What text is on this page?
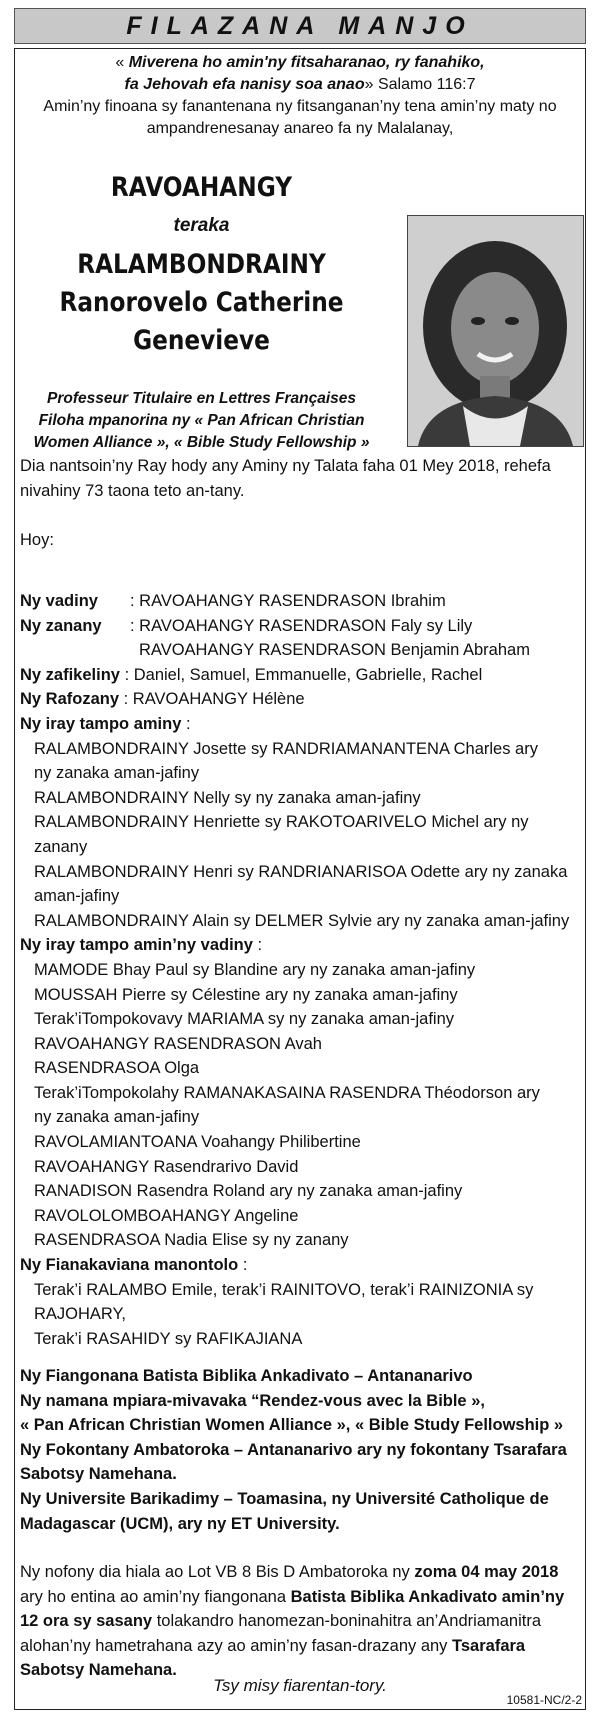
FILAZANA MANJO
« Miverena ho amin'ny fitsaharanao, ry fanahiko,
fa Jehovah efa nanisy soa anao» Salamo 116:7
Amin’ny finoana sy fanantenana ny fitsanganan’ny tena amin’ny maty no
ampandrenesanay anareo fa ny Malalanay,
RAVOAHANGY
teraka
RALAMBONDRAINY
Ranorovelo Catherine
Genevieve
Professeur Titulaire en Lettres Françaises
Filoha mpanorina ny « Pan African Christian
Women Alliance », « Bible Study Fellowship »
Dia nantsoin’ny Ray hody any Aminy ny Talata faha 01 Mey 2018, rehefa
nivahiny 73 taona teto an-tany.
Hoy:
Ny vadiny : RAVOAHANGY RASENDRASON Ibrahim
Ny zanany : RAVOAHANGY RASENDRASON Faly sy Lily
RAVOAHANGY RASENDRASON Benjamin Abraham
Ny zafikeliny : Daniel, Samuel, Emmanuelle, Gabrielle, Rachel
Ny Rafozany : RAVOAHANGY Hélène
Ny iray tampo aminy :
RALAMBONDRAINY Josette sy RANDRIAMANANTENA Charles ary
ny zanaka aman-jafiny
RALAMBONDRAINY Nelly sy ny zanaka aman-jafiny
RALAMBONDRAINY Henriette sy RAKOTOARIVELO Michel ary ny zanany
RALAMBONDRAINY Henri sy RANDRIANARISOA Odette ary ny zanaka
aman-jafiny
RALAMBONDRAINY Alain sy DELMER Sylvie ary ny zanaka aman-jafiny
Ny iray tampo amin’ny vadiny :
MAMODE Bhay Paul sy Blandine ary ny zanaka aman-jafiny
MOUSSAH Pierre sy Célestine ary ny zanaka aman-jafiny
Terak’iTompokovavy MARIAMA sy ny zanaka aman-jafiny
RAVOAHANGY RASENDRASON Avah
RASENDRASOA Olga
Terak’iTompokolahy RAMANAKASAINA RASENDRA Théodorson ary
ny zanaka aman-jafiny
RAVOLAMIANTOANA Voahangy Philibertine
RAVOAHANGY Rasendrarivo David
RANADISON Rasendra Roland ary ny zanaka aman-jafiny
RAVOLOLOMBOAHANGY Angeline
RASENDRASOA Nadia Elise sy ny zanany
Ny Fianakaviana manontolo :
Terak’i RALAMBO Emile, terak’i RAINITOVO, terak’i RAINIZONIA sy
RAJOHARY,
Terak’i RASAHIDY sy RAFIKAJIANA
Ny Fiangonana Batista Biblika Ankadivato – Antananarivo
Ny namana mpiara-mivavaka “Rendez-vous avec la Bible »,
« Pan African Christian Women Alliance », « Bible Study Fellowship »
Ny Fokontany Ambatoroka – Antananarivo ary ny fokontany Tsarafara
Sabotsy Namehana.
Ny Universite Barikadimy – Toamasina, ny Université Catholique de
Madagascar (UCM), ary ny ET University.
Ny nofony dia hiala ao Lot VB 8 Bis D Ambatoroka ny zoma 04 may 2018
ary ho entina ao amin’ny fiangonana Batista Biblika Ankadivato amin’ny
12 ora sy sasany tolakandro hanomezan-boninahitra an’Andriamanitra
alohan’ny hametrahana azy ao amin’ny fasan-drazany any Tsarafara
Sabotsy Namehana.
Tsy misy fiarentan-tory.
10581-NC/2-2
